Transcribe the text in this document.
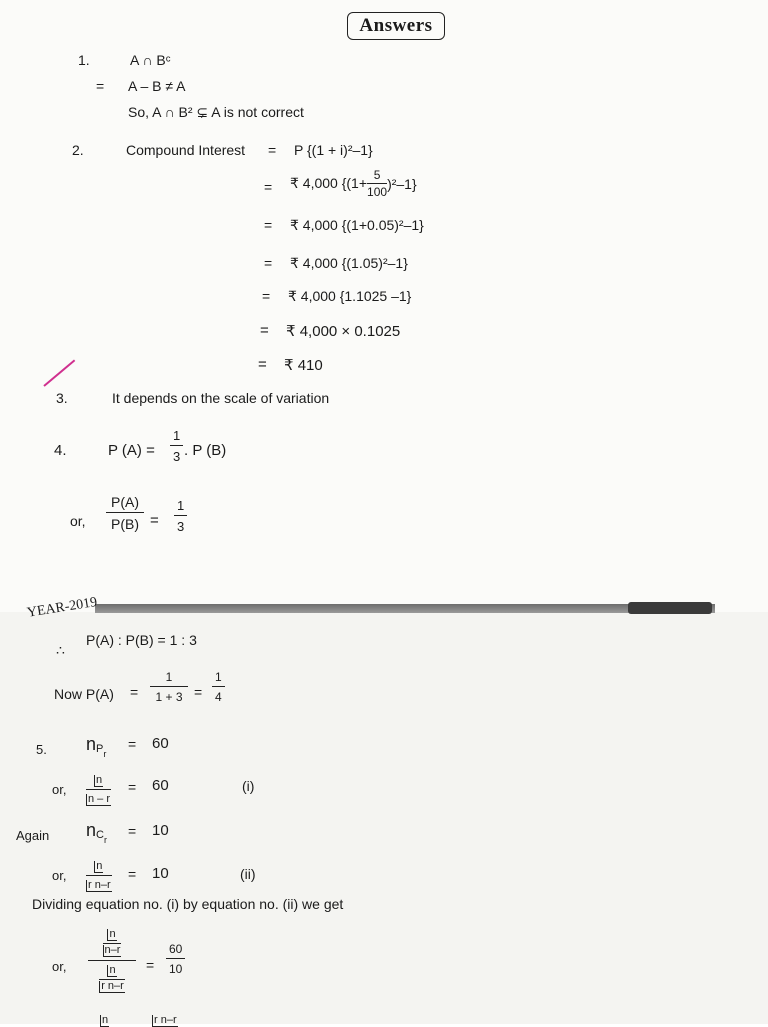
Answers
1.	A ∩ Bᶜ
= A – B ≠ A
So, A ∩ B² ⊊ A is not correct
2.	Compound Interest = P {(1 + i)²–1}
= ₹ 4,000 $\{(1+ \frac{5}{100} )^2-1\}$
= ₹ 4,000 {(1+0.05)²–1}
= ₹ 4,000 {(1.05)²–1}
= ₹ 4,000 {1.1025 –1}
= ₹ 4,000 × 0.1025
= ₹ 410
3.	It depends on the scale of variation
4.	P $(A) = \frac{1}{3}$ . P (B)
or, $\frac{P(A)}{P(B)} = \frac{1}{3}$
YEAR-2019
∴
P(A) : P(B) = 1 : 3
Now $P(A) = \frac{1}{1 + 3} = \frac{1}{4}$
5. $nP_r$
= 60
or, $\frac{n}{n - r} = 60$	(i)
Again $nC_r$
= 10
or, $\frac{n}{\text{r n–r}} = 10$	(ii)
Dividing equation no. (i) by equation no. (ii) we get
or,
n
n–r
n
r n–r
= $\frac{60}{10}$
n	r n–r
